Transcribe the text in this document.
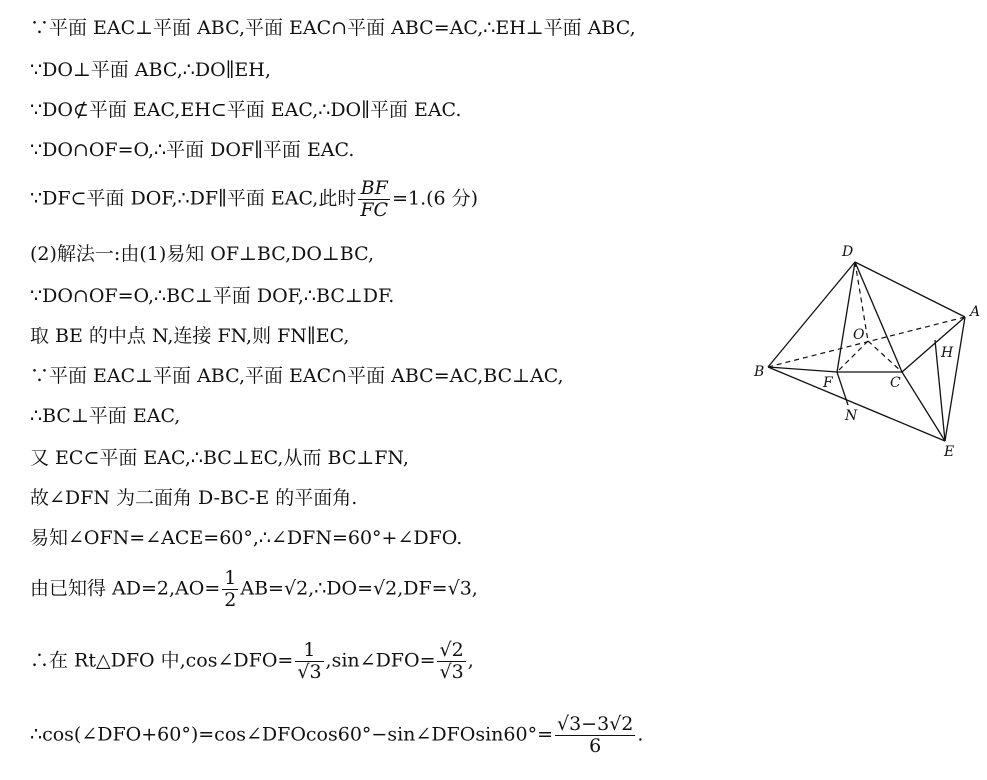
∵平面 EAC⊥平面 ABC,平面 EAC∩平面 ABC=AC,∴EH⊥平面 ABC,
∵DO⊥平面 ABC,∴DO∥EH,
∵DO⊄平面 EAC,EH⊂平面 EAC,∴DO∥平面 EAC.
∵DO∩OF=O,∴平面 DOF∥平面 EAC.
∵DF⊂平面 DOF,∴DF∥平面 EAC,此时 $\frac{BF}{FC} =1.(6$ 分)
(2)解法一:由(1)易知 OF⊥BC,DO⊥BC,
∵DO∩OF=O,∴BC⊥平面 DOF,∴BC⊥DF.
取 BE 的中点 N,连接 FN,则 FN∥EC,
∵平面 EAC⊥平面 ABC,平面 EAC∩平面 ABC=AC,BC⊥AC,
∴BC⊥平面 EAC,
又 EC⊂平面 EAC,∴BC⊥EC,从而 BC⊥FN,
故∠DFN 为二面角 D-BC-E 的平面角.
易知∠OFN=∠ACE=60°,∴∠DFN=60°+∠DFO.
由已知得 $AD=2,AO= \frac{1}{2}$ AB=√2,∴DO=√2,DF=√3,
∴在 Rt△DFO 中,cos∠DFO= $\frac{1}{√3}$ ,sin∠DFO= $\frac{√2}{√3}$ ,
∴cos(∠DFO+60°)=cos∠DFOcos60°−sin∠DFOsin60°= $\frac{√3-3√2}{6}$ .
D
A
B
O
H
F	C
N
E
